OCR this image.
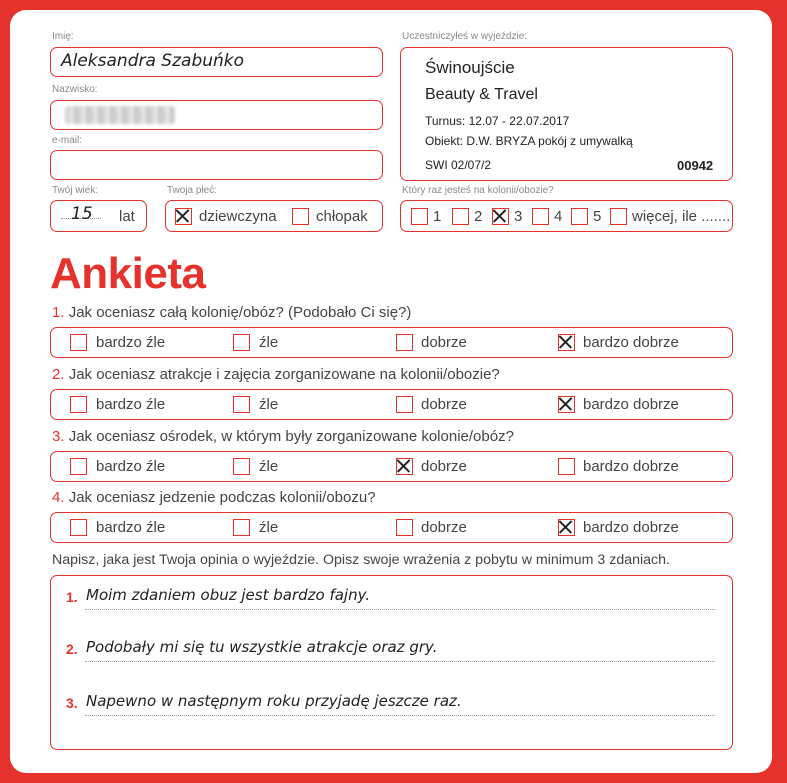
Imię:
Aleksandra Szabuńko
Nazwisko:
e-mail:
Twój wiek:
15 lat
Twoja płeć:
dziewczyna	chłopak
Uczestniczyłeś w wyjeździe:
Świnoujście
Beauty & Travel
Turnus: 12.07 - 22.07.2017
Obiekt: D.W. BRYZA pokój z umywalką
SWI 02/07/2	00942
Który raz jesteś na kolonii/obozie?
1 2 3 4 5 więcej, ile .......
Ankieta
1. Jak oceniasz całą kolonię/obóz? (Podobało Ci się?)
bardzo źle	źle	dobrze	bardzo dobrze
2. Jak oceniasz atrakcje i zajęcia zorganizowane na kolonii/obozie?
bardzo źle	źle	dobrze	bardzo dobrze
3. Jak oceniasz ośrodek, w którym były zorganizowane kolonie/obóz?
bardzo źle	źle	dobrze	bardzo dobrze
4. Jak oceniasz jedzenie podczas kolonii/obozu?
bardzo źle	źle	dobrze	bardzo dobrze
Napisz, jaka jest Twoja opinia o wyjeździe. Opisz swoje wrażenia z pobytu w minimum 3 zdaniach.
1. Moim zdaniem obuz jest bardzo fajny.
2. Podobały mi się tu wszystkie atrakcje oraz gry.
3. Napewno w następnym roku przyjadę jeszcze raz.
